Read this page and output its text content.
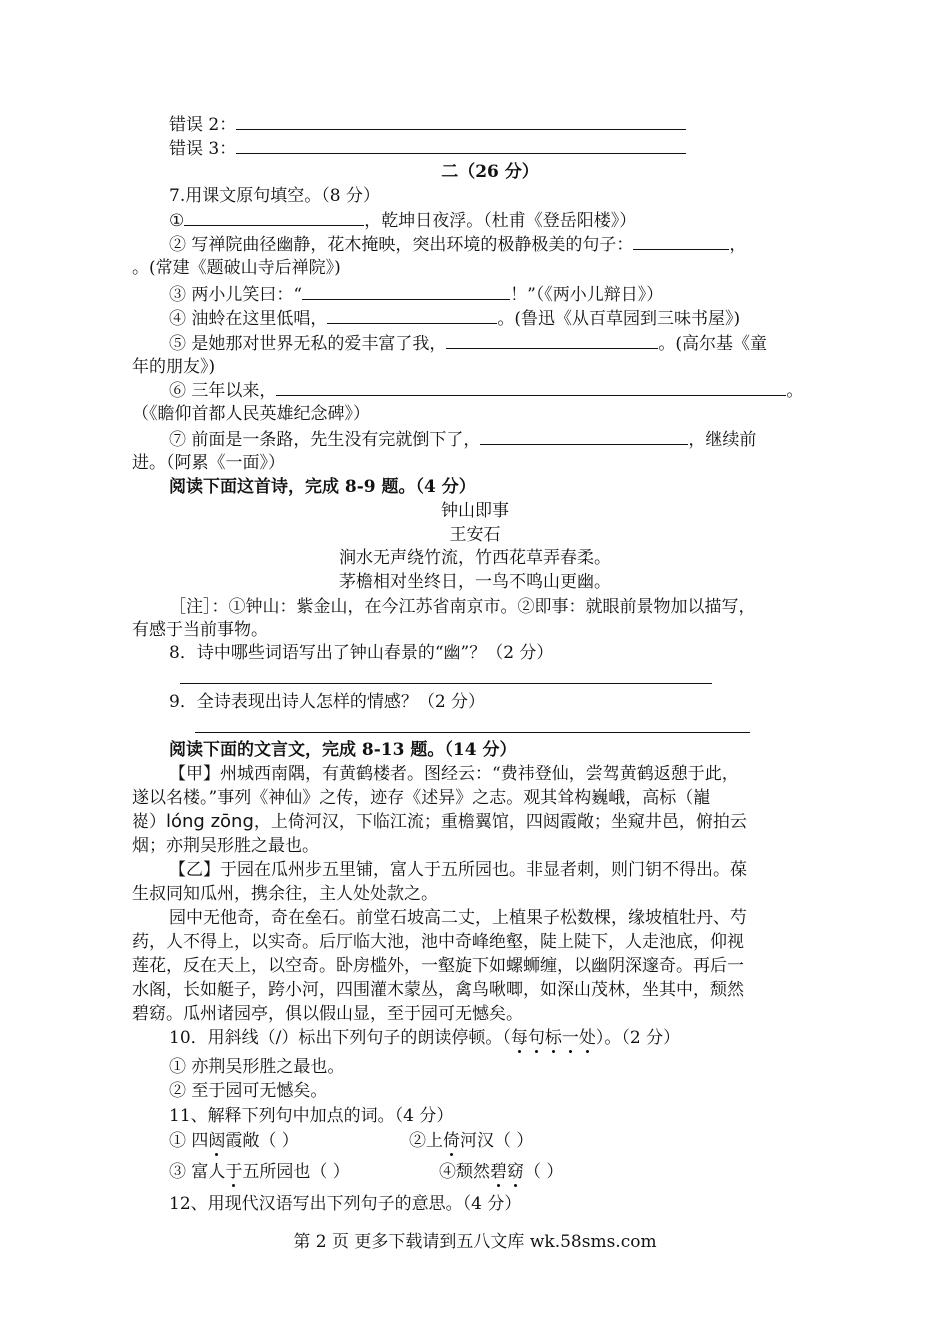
错误 2：
错误 3：
二（26 分）
7.用课文原句填空。（8 分）
①	，乾坤日夜浮。（杜甫《登岳阳楼》）
② 写禅院曲径幽静，花木掩映，突出环境的极静极美的句子：	，
。(常建《题破山寺后禅院》)
③ 两小儿笑曰：“	！”（《两小儿辩日》）
④ 油蛉在这里低唱，	。(鲁迅《从百草园到三味书屋》)
⑤ 是她那对世界无私的爱丰富了我，	。(高尔基《童
年的朋友》)
⑥ 三年以来，	。
（《瞻仰首都人民英雄纪念碑》）
⑦ 前面是一条路，先生没有完就倒下了，	，继续前
进。（阿累《一面》）
阅读下面这首诗，完成 8-9 题。（4 分）
钟山即事
王安石
涧水无声绕竹流，竹西花草弄春柔。
茅檐相对坐终日，一鸟不鸣山更幽。
［注］：①钟山：紫金山，在今江苏省南京市。②即事：就眼前景物加以描写，
有感于当前事物。
8．诗中哪些词语写出了钟山春景的“幽”？（2 分）
9．全诗表现出诗人怎样的情感？（2 分）
阅读下面的文言文，完成 8-13 题。（14 分）
【甲】州城西南隅，有黄鹤楼者。图经云：“费祎登仙，尝驾黄鹤返憩于此，
遂以名楼。”事列《神仙》之传，迹存《述异》之志。观其耸构巍峨，高标（巃
嵸）lóng zōng，上倚河汉，下临江流；重檐翼馆，四闼霞敞；坐窥井邑，俯拍云
烟；亦荆吴形胜之最也。
【乙】于园在瓜州步五里铺，富人于五所园也。非显者刺，则门钥不得出。葆
生叔同知瓜州，携余往，主人处处款之。
园中无他奇，奇在垒石。前堂石坡高二丈，上植果子松数棵，缘坡植牡丹、芍
药，人不得上，以实奇。后厅临大池，池中奇峰绝壑，陡上陡下，人走池底，仰视
莲花，反在天上，以空奇。卧房槛外，一壑旋下如螺蛳缠，以幽阴深邃奇。再后一
水阁，长如艇子，跨小河，四围灌木蒙丛，禽鸟啾唧，如深山茂林，坐其中，颓然
碧窈。瓜州诸园亭，俱以假山显，至于园可无憾矣。
10．用斜线（/）标出下列句子的朗读停顿。（每句标一处）。（2 分）
① 亦荆吴形胜之最也。
② 至于园可无憾矣。
11、解释下列句中加点的词。（4 分）
① 四闼霞敞（ ）	②上倚河汉（ ）
③ 富人于五所园也（ ）	④颓然碧窈（ ）
12、用现代汉语写出下列句子的意思。（4 分）
第 2 页 更多下载请到五八文库 wk.58sms.com
